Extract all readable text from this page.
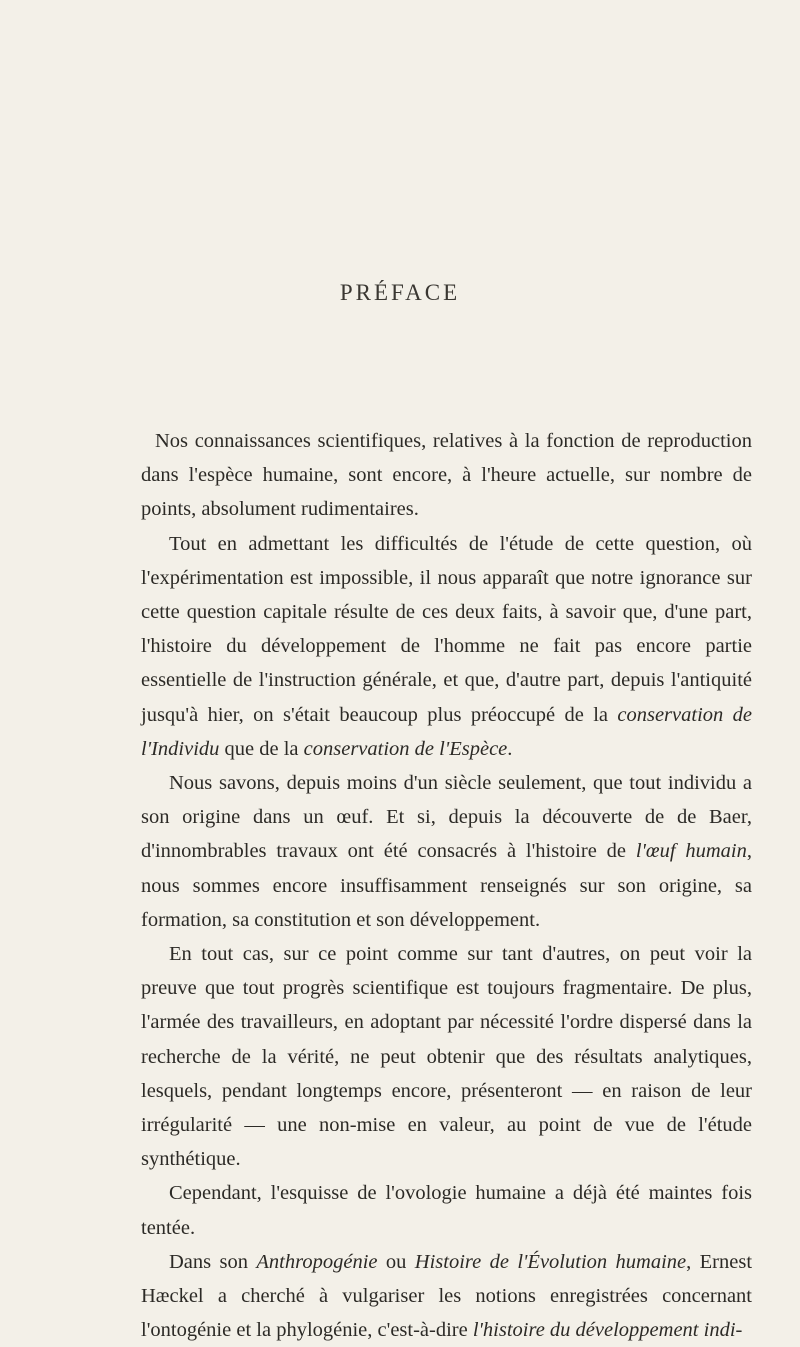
PRÉFACE

Nos connaissances scientifiques, relatives à la fonction de reproduction dans l'espèce humaine, sont encore, à l'heure actuelle, sur nombre de points, absolument rudimentaires.

Tout en admettant les difficultés de l'étude de cette question, où l'expérimentation est impossible, il nous apparaît que notre ignorance sur cette question capitale résulte de ces deux faits, à savoir que, d'une part, l'histoire du développement de l'homme ne fait pas encore partie essentielle de l'instruction générale, et que, d'autre part, depuis l'antiquité jusqu'à hier, on s'était beaucoup plus préoccupé de la conservation de l'Individu que de la conservation de l'Espèce.

Nous savons, depuis moins d'un siècle seulement, que tout individu a son origine dans un œuf. Et si, depuis la découverte de de Baer, d'innombrables travaux ont été consacrés à l'histoire de l'œuf humain, nous sommes encore insuffisamment renseignés sur son origine, sa formation, sa constitution et son développement.

En tout cas, sur ce point comme sur tant d'autres, on peut voir la preuve que tout progrès scientifique est toujours fragmentaire. De plus, l'armée des travailleurs, en adoptant par nécessité l'ordre dispersé dans la recherche de la vérité, ne peut obtenir que des résultats analytiques, lesquels, pendant longtemps encore, présenteront — en raison de leur irrégularité — une non-mise en valeur, au point de vue de l'étude synthétique.

Cependant, l'esquisse de l'ovologie humaine a déjà été maintes fois tentée.

Dans son Anthropogénie ou Histoire de l'Évolution humaine, Ernest Hæckel a cherché à vulgariser les notions enregistrées concernant l'ontogénie et la phylogénie, c'est-à-dire l'histoire du développement indi-
